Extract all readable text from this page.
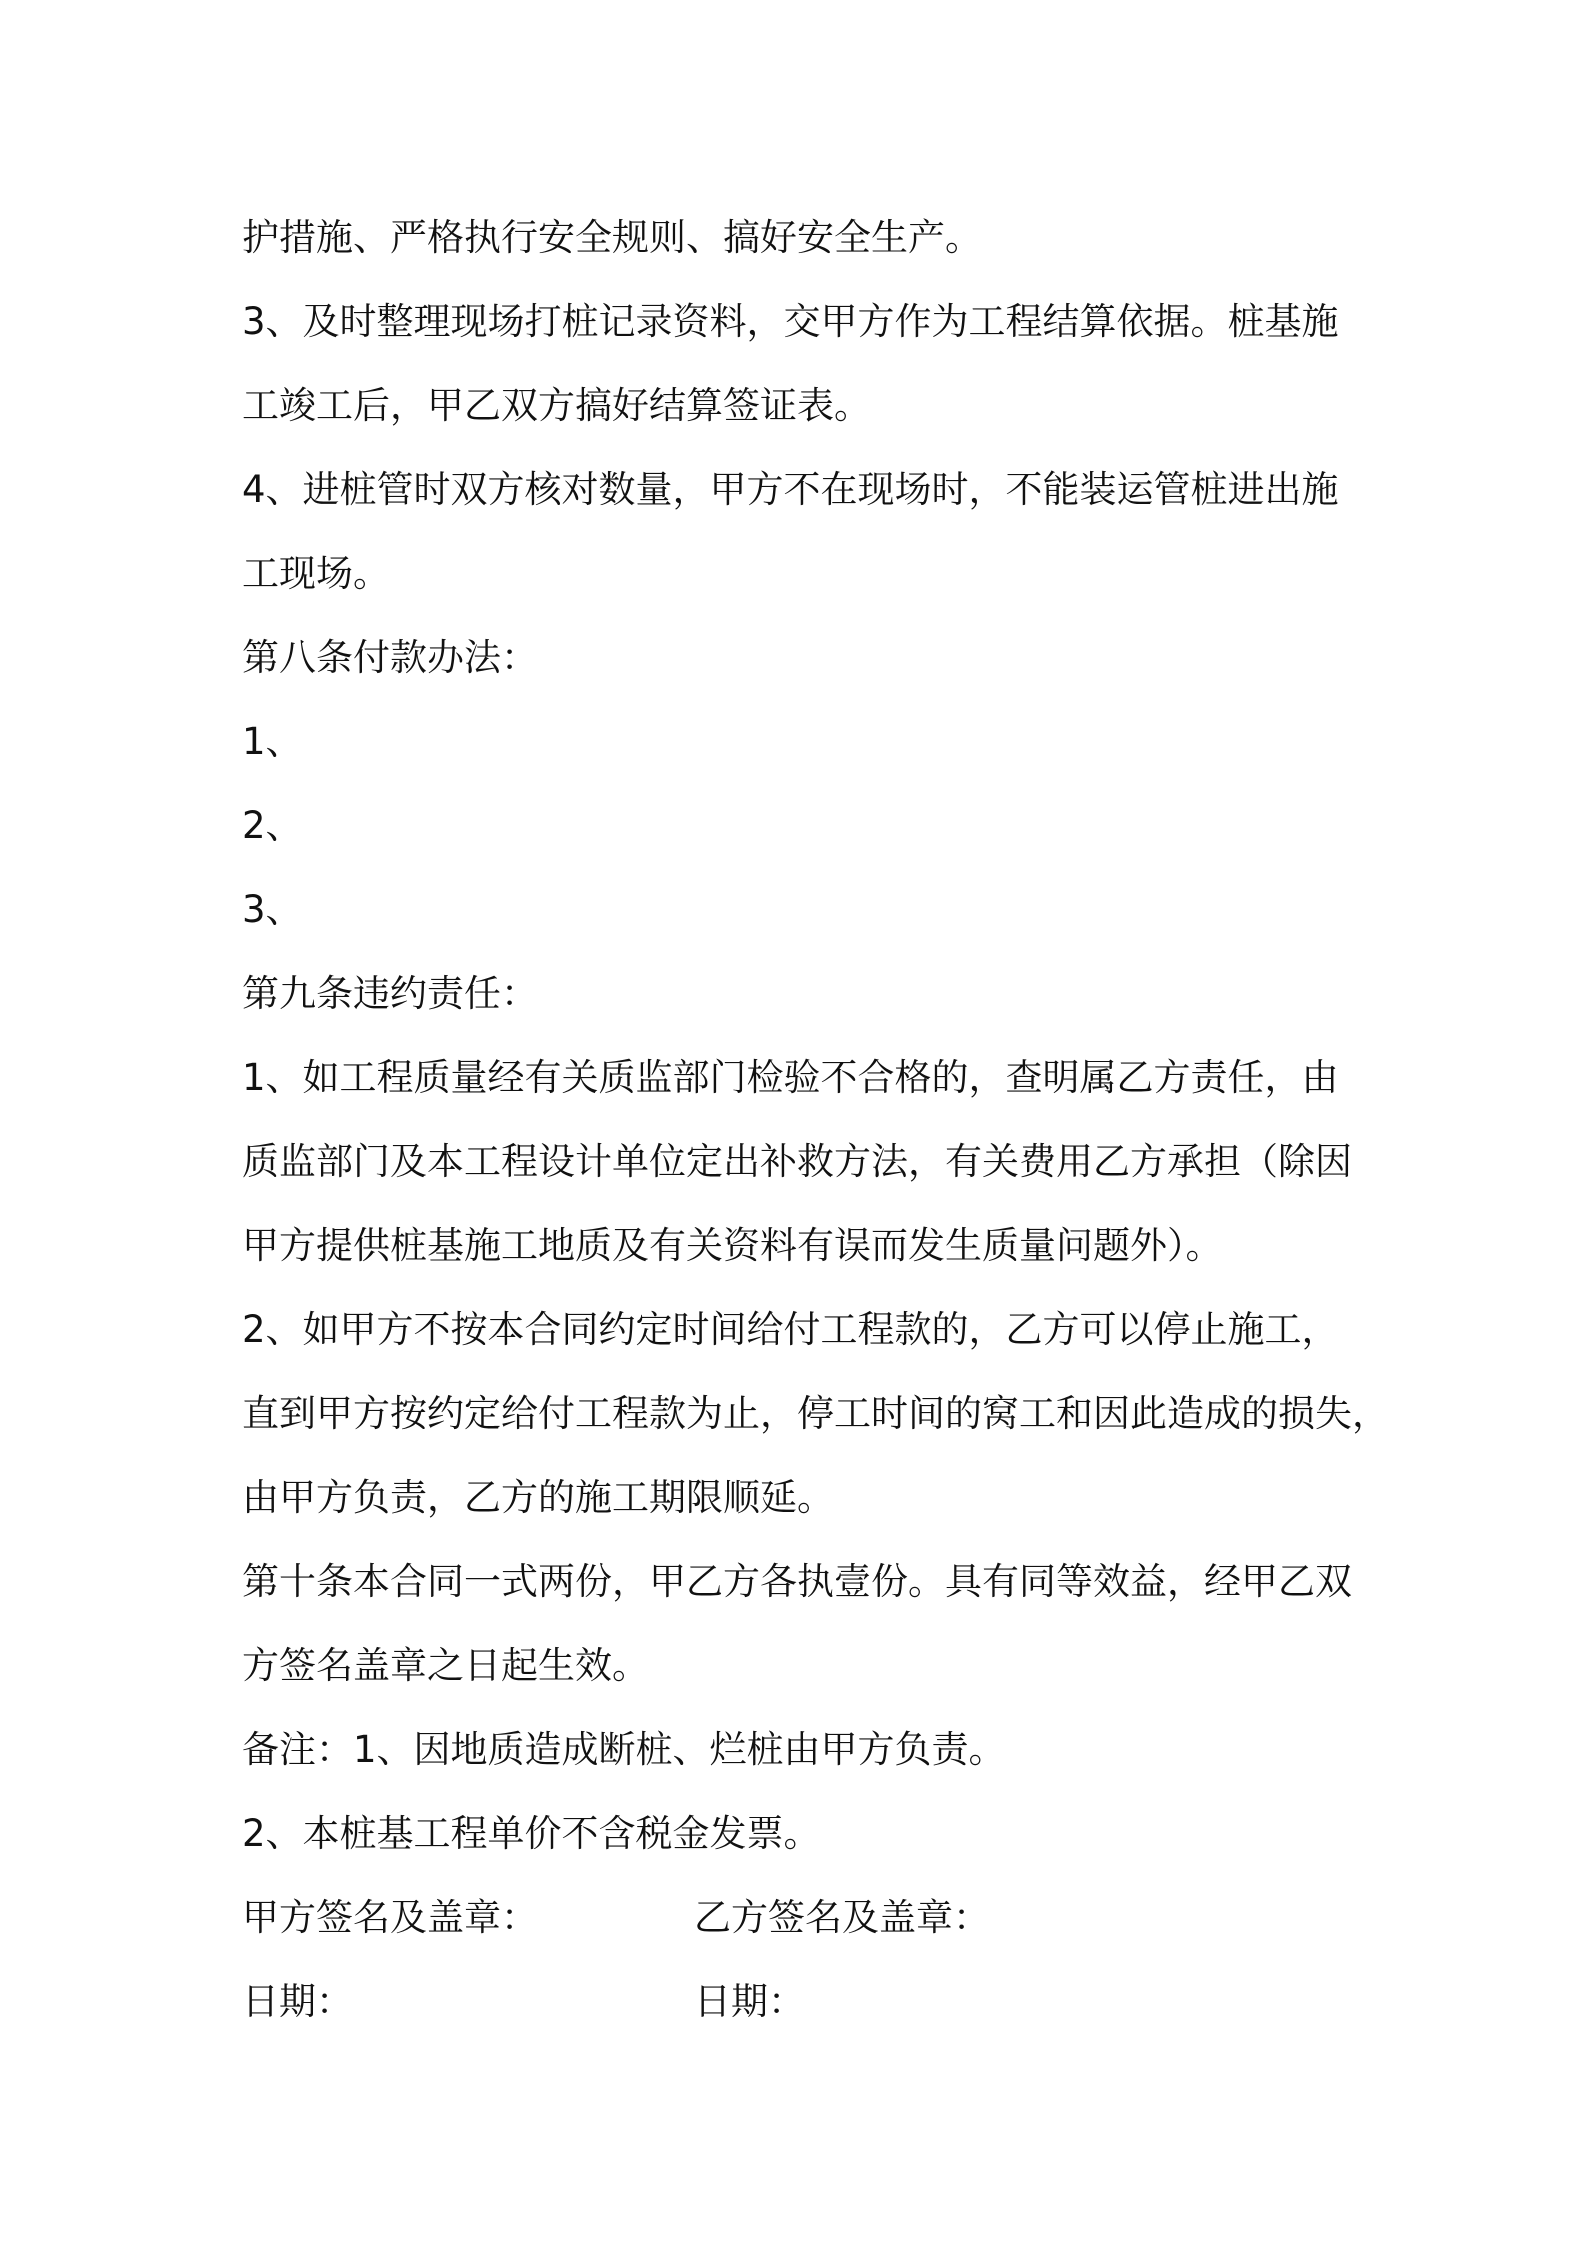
护措施、严格执行安全规则、搞好安全生产。
3、及时整理现场打桩记录资料，交甲方作为工程结算依据。桩基施
工竣工后，甲乙双方搞好结算签证表。
4、进桩管时双方核对数量，甲方不在现场时，不能装运管桩进出施
工现场。
第八条付款办法：
1、
2、
3、
第九条违约责任：
1、如工程质量经有关质监部门检验不合格的，查明属乙方责任，由
质监部门及本工程设计单位定出补救方法，有关费用乙方承担（除因
甲方提供桩基施工地质及有关资料有误而发生质量问题外）。
2、如甲方不按本合同约定时间给付工程款的，乙方可以停止施工，
直到甲方按约定给付工程款为止，停工时间的窝工和因此造成的损失，
由甲方负责，乙方的施工期限顺延。
第十条本合同一式两份，甲乙方各执壹份。具有同等效益，经甲乙双
方签名盖章之日起生效。
备注：1、因地质造成断桩、烂桩由甲方负责。
2、本桩基工程单价不含税金发票。
甲方签名及盖章：	乙方签名及盖章：
日期：	日期：
